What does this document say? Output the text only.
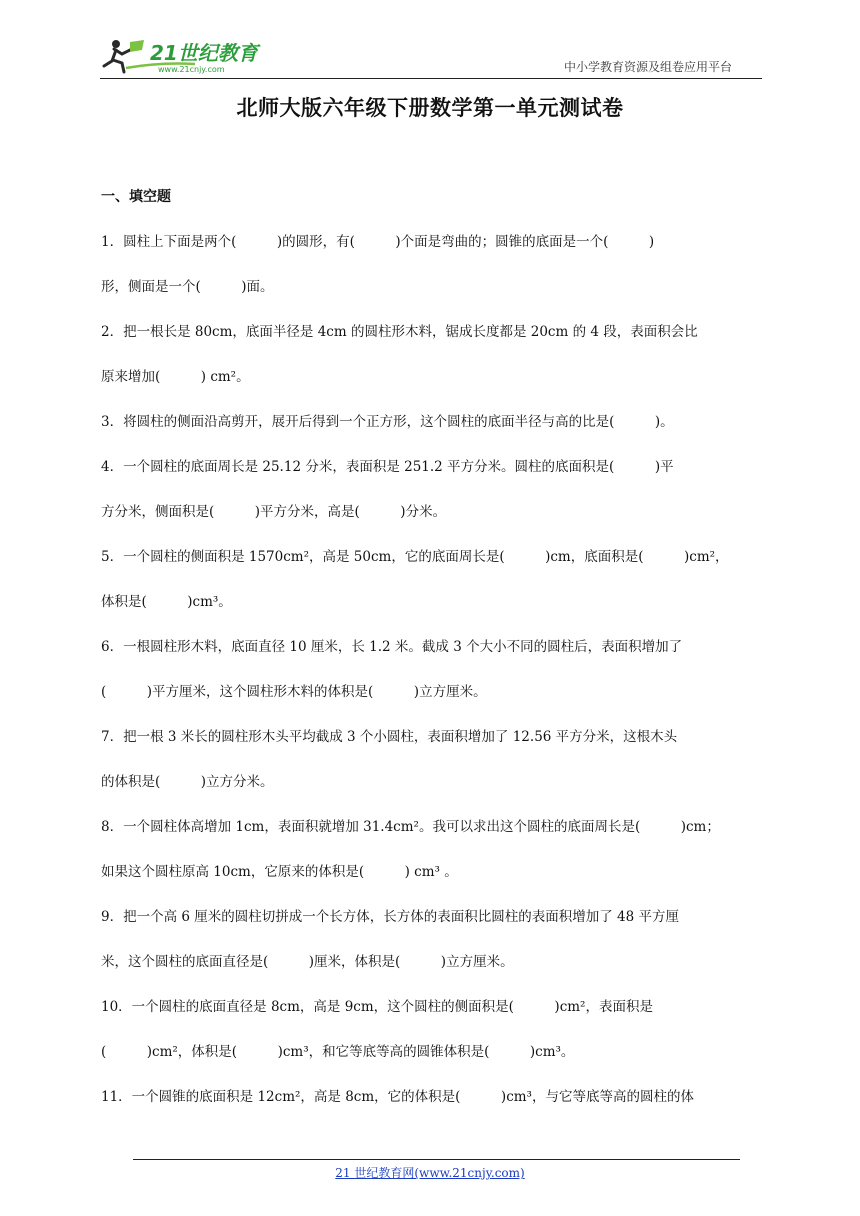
21世纪教育
www.21cnjy.com	中小学教育资源及组卷应用平台
北师大版六年级下册数学第一单元测试卷
一、填空题
1．圆柱上下面是两个(　　　)的圆形，有(　　　)个面是弯曲的；圆锥的底面是一个(　　　)
形，侧面是一个(　　　)面。
2．把一根长是 80cm，底面半径是 4cm 的圆柱形木料，锯成长度都是 20cm 的 4 段，表面积会比
原来增加(　　　) cm²。
3．将圆柱的侧面沿高剪开，展开后得到一个正方形，这个圆柱的底面半径与高的比是(　　　)。
4．一个圆柱的底面周长是 25.12 分米，表面积是 251.2 平方分米。圆柱的底面积是(　　　)平
方分米，侧面积是(　　　)平方分米，高是(　　　)分米。
5．一个圆柱的侧面积是 1570cm²，高是 50cm，它的底面周长是(　　　)cm，底面积是(　　　)cm²，
体积是(　　　)cm³。
6．一根圆柱形木料，底面直径 10 厘米，长 1.2 米。截成 3 个大小不同的圆柱后，表面积增加了
(　　　)平方厘米，这个圆柱形木料的体积是(　　　)立方厘米。
7．把一根 3 米长的圆柱形木头平均截成 3 个小圆柱，表面积增加了 12.56 平方分米，这根木头
的体积是(　　　)立方分米。
8．一个圆柱体高增加 1cm，表面积就增加 31.4cm²。我可以求出这个圆柱的底面周长是(　　　)cm；
如果这个圆柱原高 10cm，它原来的体积是(　　　) cm³ 。
9．把一个高 6 厘米的圆柱切拼成一个长方体，长方体的表面积比圆柱的表面积增加了 48 平方厘
米，这个圆柱的底面直径是(　　　)厘米，体积是(　　　)立方厘米。
10．一个圆柱的底面直径是 8cm，高是 9cm，这个圆柱的侧面积是(　　　)cm²，表面积是
(　　　)cm²，体积是(　　　)cm³，和它等底等高的圆锥体积是(　　　)cm³。
11．一个圆锥的底面积是 12cm²，高是 8cm，它的体积是(　　　)cm³，与它等底等高的圆柱的体
21 世纪教育网(www.21cnjy.com)
